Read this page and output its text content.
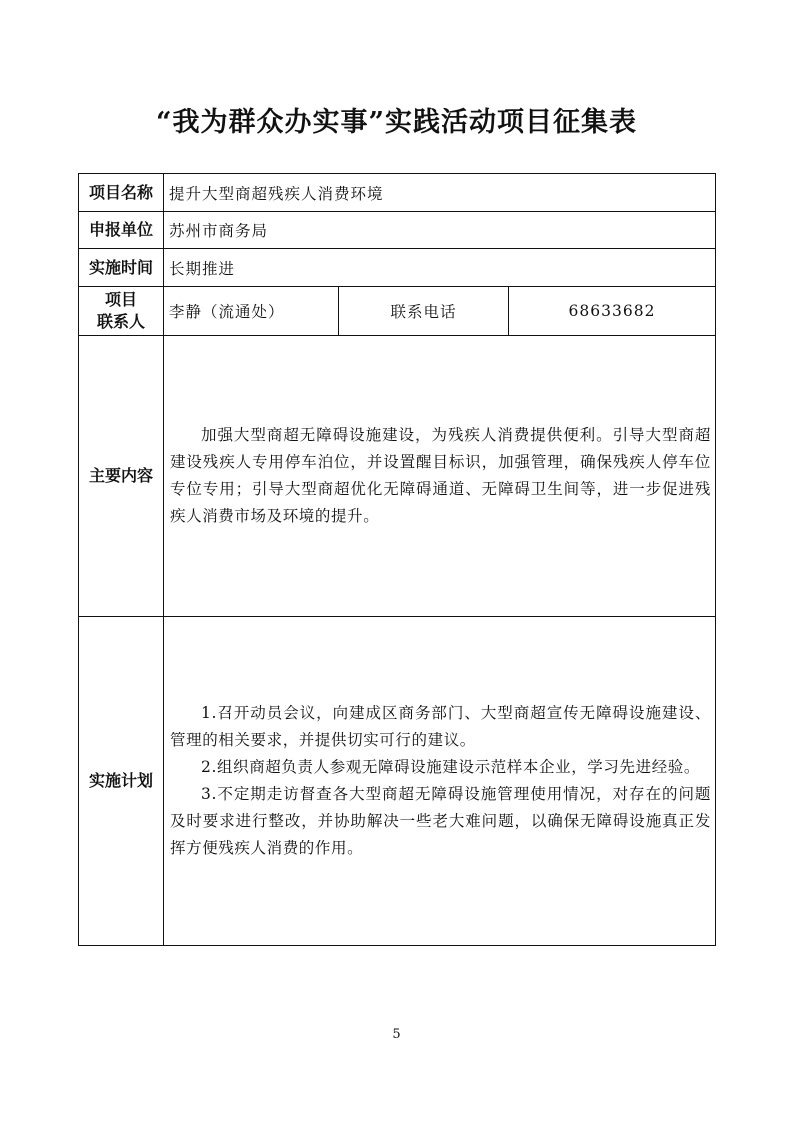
“我为群众办实事”实践活动项目征集表
项目名称	提升大型商超残疾人消费环境		
申报单位	苏州市商务局		
实施时间	长期推进		

项目
联系人	李静（流通处）	联系电话	68633682
主要内容	加强大型商超无障碍设施建设，为残疾人消费提供便利。引导大型商超建设残疾人专用停车泊位，并设置醒目标识，加强管理，确保残疾人停车位专位专用；引导大型商超优化无障碍通道、无障碍卫生间等，进一步促进残疾人消费市场及环境的提升。		

实施计划	1.召开动员会议，向建成区商务部门、大型商超宣传无障碍设施建设、管理的相关要求，并提供切实可行的建议。

2.组织商超负责人参观无障碍设施建设示范样本企业，学习先进经验。

3.不定期走访督查各大型商超无障碍设施管理使用情况，对存在的问题及时要求进行整改，并协助解决一些老大难问题，以确保无障碍设施真正发挥方便残疾人消费的作用。		

5
